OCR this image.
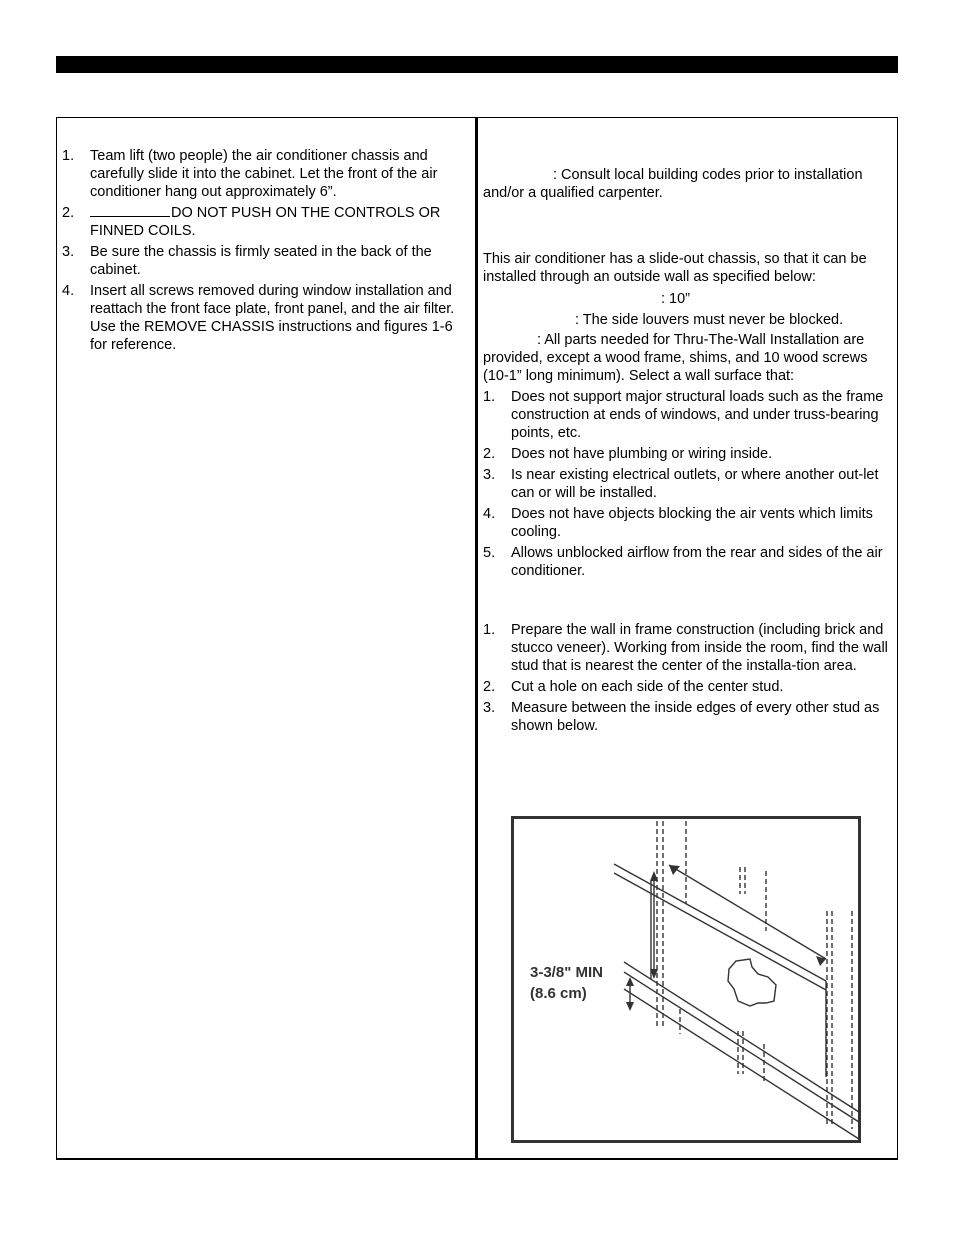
1. Team lift (two people) the air conditioner chassis and carefully slide it into the cabinet. Let the front of the air conditioner hang out approximately 6”.
2.	DO NOT PUSH ON THE CONTROLS OR FINNED COILS.
3. Be sure the chassis is firmly seated in the back of the cabinet.
4. Insert all screws removed during window installation and reattach the front face plate, front panel, and the air filter. Use the REMOVE CHASSIS instructions and figures 1-6 for reference.

: Consult local building codes prior to installation and/or a qualified carpenter.

This air conditioner has a slide-out chassis, so that it can be installed through an outside wall as specified below:

: 10”

: The side louvers must never be blocked.

: All parts needed for Thru-The-Wall Installation are provided, except a wood frame, shims, and 10 wood screws (10-1” long minimum). Select a wall surface that:

1. Does not support major structural loads such as the frame construction at ends of windows, and under truss-bearing points, etc.
2. Does not have plumbing or wiring inside.
3. Is near existing electrical outlets, or where another out-let can or will be installed.
4. Does not have objects blocking the air vents which limits cooling.
5. Allows unblocked airflow from the rear and sides of the air conditioner.
1. Prepare the wall in frame construction (including brick and stucco veneer). Working from inside the room, find the wall stud that is nearest the center of the installa-tion area.
2. Cut a hole on each side of the center stud.
3. Measure between the inside edges of every other stud as shown below.
3-3/8" MIN
(8.6 cm)
